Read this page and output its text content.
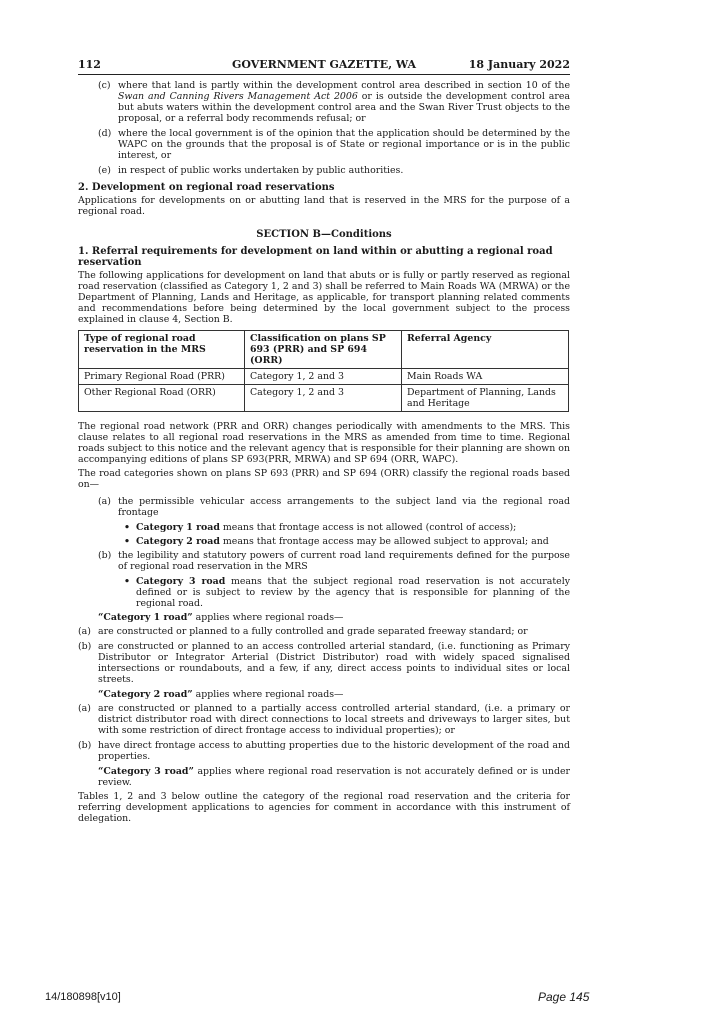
112	GOVERNMENT GAZETTE, WA	18 January 2022
(c) where that land is partly within the development control area described in section 10 of the Swan and Canning Rivers Management Act 2006 or is outside the development control area but abuts waters within the development control area and the Swan River Trust objects to the proposal, or a referral body recommends refusal; or
(d) where the local government is of the opinion that the application should be determined by the WAPC on the grounds that the proposal is of State or regional importance or is in the public interest, or
(e) in respect of public works undertaken by public authorities.
2. Development on regional road reservations

Applications for developments on or abutting land that is reserved in the MRS for the purpose of a regional road.

SECTION B—Conditions
1. Referral requirements for development on land within or abutting a regional road reservation

The following applications for development on land that abuts or is fully or partly reserved as regional road reservation (classified as Category 1, 2 and 3) shall be referred to Main Roads WA (MRWA) or the Department of Planning, Lands and Heritage, as applicable, for transport planning related comments and recommendations before being determined by the local government subject to the process explained in clause 4, Section B.

Type of regional road reservation in the MRS	Classification on plans SP 693 (PRR) and SP 694 (ORR)	Referral Agency
Primary Regional Road (PRR)	Category 1, 2 and 3	Main Roads WA
Other Regional Road (ORR)	Category 1, 2 and 3	Department of Planning, Lands and Heritage

The regional road network (PRR and ORR) changes periodically with amendments to the MRS. This clause relates to all regional road reservations in the MRS as amended from time to time. Regional roads subject to this notice and the relevant agency that is responsible for their planning are shown on accompanying editions of plans SP 693(PRR, MRWA) and SP 694 (ORR, WAPC).

The road categories shown on plans SP 693 (PRR) and SP 694 (ORR) classify the regional roads based on—

(a) the permissible vehicular access arrangements to the subject land via the regional road frontage
• Category 1 road means that frontage access is not allowed (control of access);
• Category 2 road means that frontage access may be allowed subject to approval; and
(b) the legibility and statutory powers of current road land requirements defined for the purpose of regional road reservation in the MRS
• Category 3 road means that the subject regional road reservation is not accurately defined or is subject to review by the agency that is responsible for planning of the regional road.

“Category 1 road” applies where regional roads—

(a) are constructed or planned to a fully controlled and grade separated freeway standard; or
(b) are constructed or planned to an access controlled arterial standard, (i.e. functioning as Primary Distributor or Integrator Arterial (District Distributor) road with widely spaced signalised intersections or roundabouts, and a few, if any, direct access points to individual sites or local streets.

“Category 2 road” applies where regional roads—

(a) are constructed or planned to a partially access controlled arterial standard, (i.e. a primary or district distributor road with direct connections to local streets and driveways to larger sites, but with some restriction of direct frontage access to individual properties); or
(b) have direct frontage access to abutting properties due to the historic development of the road and properties.

“Category 3 road” applies where regional road reservation is not accurately defined or is under review.

Tables 1, 2 and 3 below outline the category of the regional road reservation and the criteria for referring development applications to agencies for comment in accordance with this instrument of delegation.

14/180898[v10]	Page 145
